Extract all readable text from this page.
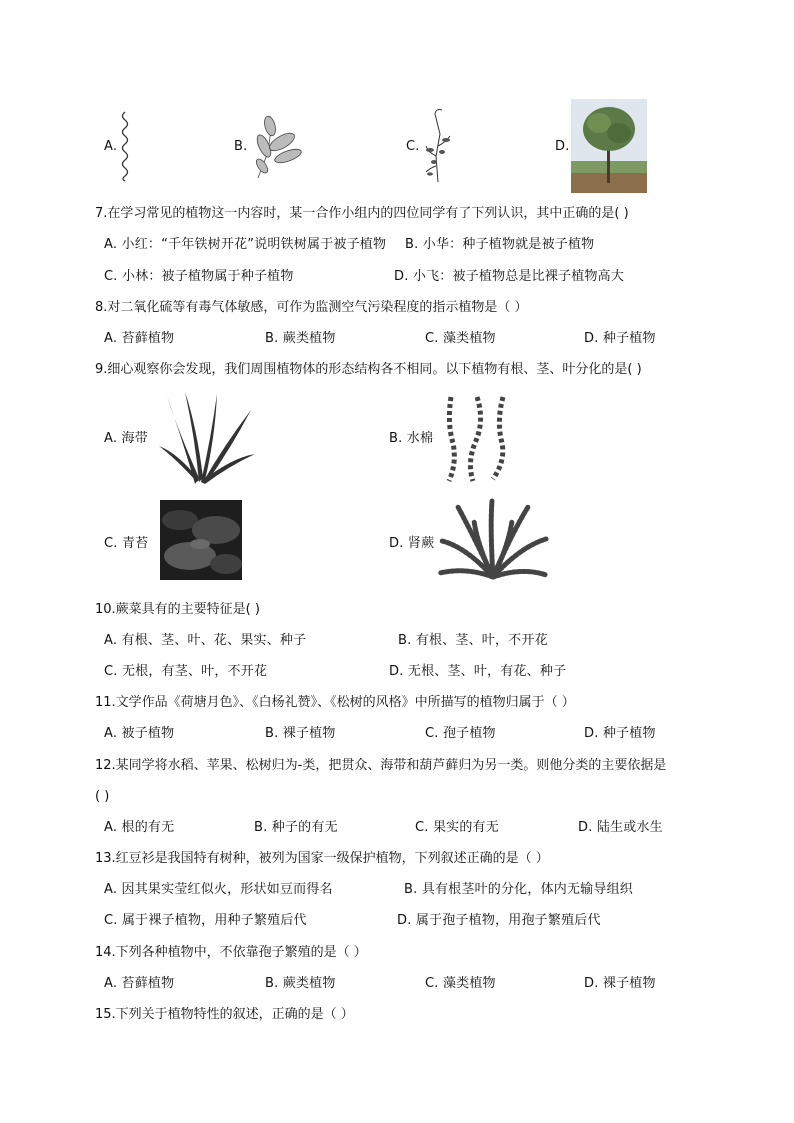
A.	B.	C.	D.
7.在学习常见的植物这一内容时，某一合作小组内的四位同学有了下列认识，其中正确的是( )
A. 小红：“千年铁树开花”说明铁树属于被子植物 B. 小华：种子植物就是被子植物
C. 小林：被子植物属于种子植物	D. 小飞：被子植物总是比裸子植物高大
8.对二氧化硫等有毒气体敏感，可作为监测空气污染程度的指示植物是（ ）
A. 苔藓植物	B. 蕨类植物	C. 藻类植物	D. 种子植物
9.细心观察你会发现，我们周围植物体的形态结构各不相同。以下植物有根、茎、叶分化的是( )
A. 海带	B. 水棉
C. 青苔	D. 肾蕨
10.蕨菜具有的主要特征是( )
A. 有根、茎、叶、花、果实、种子	B. 有根、茎、叶，不开花
C. 无根，有茎、叶，不开花	D. 无根、茎、叶，有花、种子
11.文学作品《荷塘月色》、《白杨礼赞》、《松树的风格》中所描写的植物归属于（ ）
A. 被子植物	B. 裸子植物	C. 孢子植物	D. 种子植物
12.某同学将水稻、苹果、松树归为-类，把贯众、海带和葫芦藓归为另一类。则他分类的主要依据是
( )
A. 根的有无	B. 种子的有无	C. 果实的有无	D. 陆生或水生
13.红豆衫是我国特有树种，被列为国家一级保护植物，下列叙述正确的是（ ）
A. 因其果实莹红似火，形状如豆而得名	B. 具有根茎叶的分化，体内无输导组织
C. 属于裸子植物，用种子繁殖后代	D. 属于孢子植物，用孢子繁殖后代
14.下列各种植物中，不依靠孢子繁殖的是（ ）
A. 苔藓植物	B. 蕨类植物	C. 藻类植物	D. 裸子植物
15.下列关于植物特性的叙述，正确的是（ ）
